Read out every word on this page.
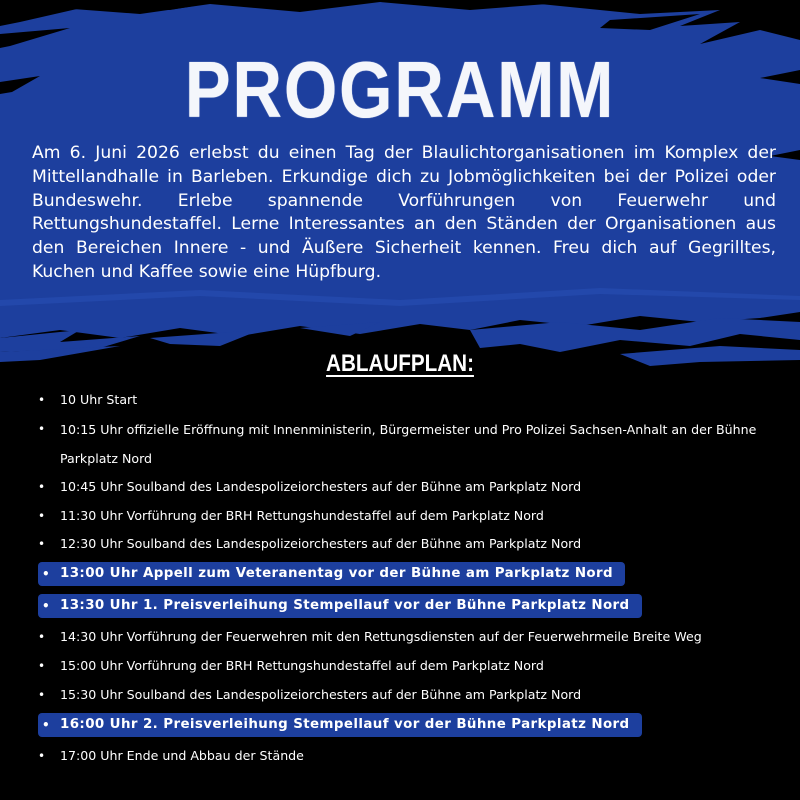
PROGRAMM
Am 6. Juni 2026 erlebst du einen Tag der Blaulichtorganisationen im Komplex der Mittellandhalle in Barleben. Erkundige dich zu Jobmöglichkeiten bei der Polizei oder Bundeswehr. Erlebe spannende Vorführungen von Feuerwehr und Rettungshundestaffel. Lerne Interessantes an den Ständen der Organisationen aus den Bereichen Innere - und Äußere Sicherheit kennen. Freu dich auf Gegrilltes, Kuchen und Kaffee sowie eine Hüpfburg.
ABLAUFPLAN:
•	10 Uhr Start
•	10:15 Uhr offizielle Eröffnung mit Innenministerin, Bürgermeister und Pro Polizei Sachsen-Anhalt an der Bühne Parkplatz Nord
•	10:45 Uhr Soulband des Landespolizeiorchesters auf der Bühne am Parkplatz Nord
•	11:30 Uhr Vorführung der BRH Rettungshundestaffel auf dem Parkplatz Nord
•	12:30 Uhr Soulband des Landespolizeiorchesters auf der Bühne am Parkplatz Nord
• 13:00 Uhr Appell zum Veteranentag vor der Bühne am Parkplatz Nord
• 13:30 Uhr 1. Preisverleihung Stempellauf vor der Bühne Parkplatz Nord
•	14:30 Uhr Vorführung der Feuerwehren mit den Rettungsdiensten auf der Feuerwehrmeile Breite Weg
•	15:00 Uhr Vorführung der BRH Rettungshundestaffel auf dem Parkplatz Nord
•	15:30 Uhr Soulband des Landespolizeiorchesters auf der Bühne am Parkplatz Nord
• 16:00 Uhr 2. Preisverleihung Stempellauf vor der Bühne Parkplatz Nord
•	17:00 Uhr Ende und Abbau der Stände
